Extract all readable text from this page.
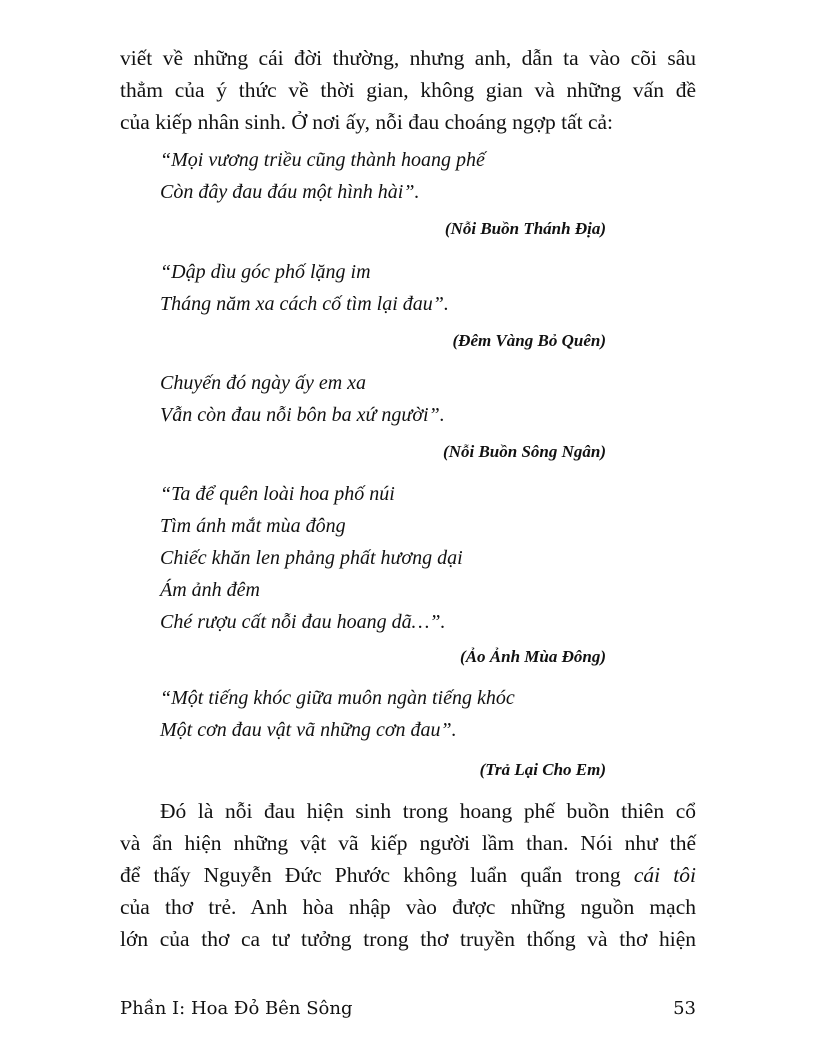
viết về những cái đời thường, nhưng anh, dẫn ta vào cõi sâu
thẳm của ý thức về thời gian, không gian và những vấn đề
của kiếp nhân sinh. Ở nơi ấy, nỗi đau choáng ngợp tất cả:
“Mọi vương triều cũng thành hoang phế
Còn đây đau đáu một hình hài”.
(Nỗi Buồn Thánh Địa)
“Dập dìu góc phố lặng im
Tháng năm xa cách cố tìm lại đau”.
(Đêm Vàng Bỏ Quên)
Chuyến đó ngày ấy em xa
Vẫn còn đau nỗi bôn ba xứ người”.
(Nỗi Buồn Sông Ngân)
“Ta để quên loài hoa phố núi
Tìm ánh mắt mùa đông
Chiếc khăn len phảng phất hương dại
Ám ảnh đêm
Ché rượu cất nỗi đau hoang dã…”.
(Ảo Ảnh Mùa Đông)
“Một tiếng khóc giữa muôn ngàn tiếng khóc
Một cơn đau vật vã những cơn đau”.
(Trả Lại Cho Em)
Đó là nỗi đau hiện sinh trong hoang phế buồn thiên cổ
và ẩn hiện những vật vã kiếp người lầm than. Nói như thế
để thấy Nguyễn Đức Phước không luẩn quẩn trong cái tôi
của thơ trẻ. Anh hòa nhập vào được những nguồn mạch
lớn của thơ ca tư tưởng trong thơ truyền thống và thơ hiện
Phần I: Hoa Đỏ Bên Sông	53
